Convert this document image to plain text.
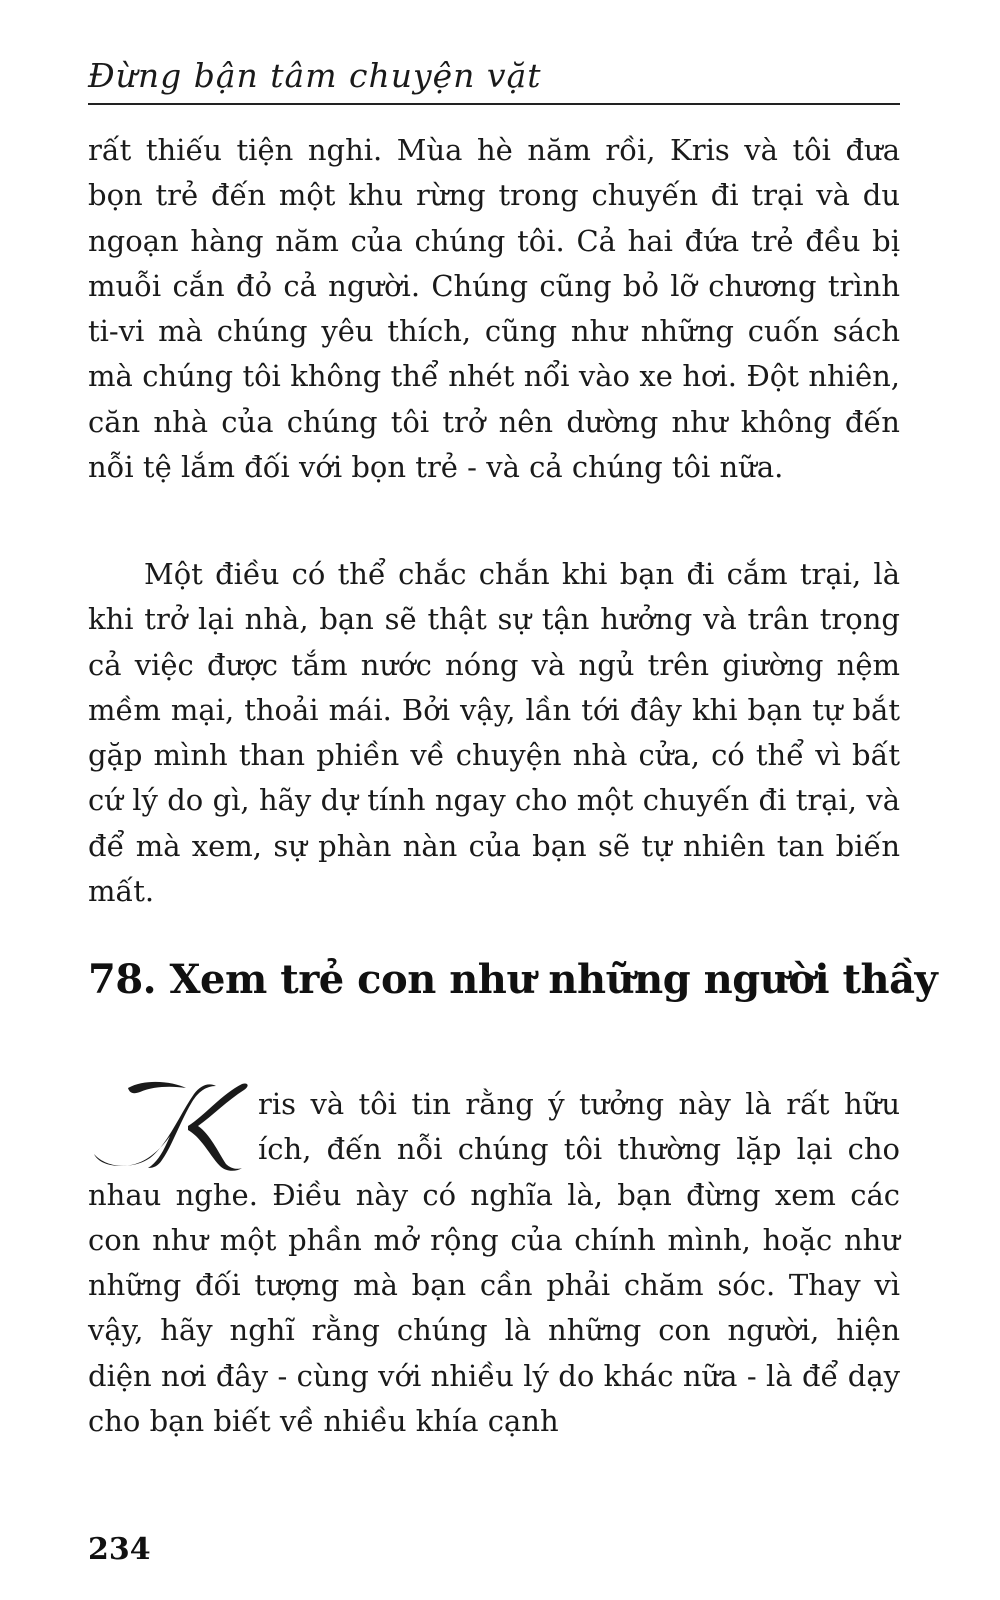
Đừng bận tâm chuyện vặt

rất thiếu tiện nghi. Mùa hè năm rồi, Kris và tôi đưa bọn trẻ đến một khu rừng trong chuyến đi trại và du ngoạn hàng năm của chúng tôi. Cả hai đứa trẻ đều bị muỗi cắn đỏ cả người. Chúng cũng bỏ lỡ chương trình ti-vi mà chúng yêu thích, cũng như những cuốn sách mà chúng tôi không thể nhét nổi vào xe hơi. Đột nhiên, căn nhà của chúng tôi trở nên dường như không đến nỗi tệ lắm đối với bọn trẻ - và cả chúng tôi nữa.

Một điều có thể chắc chắn khi bạn đi cắm trại, là khi trở lại nhà, bạn sẽ thật sự tận hưởng và trân trọng cả việc được tắm nước nóng và ngủ trên giường nệm mềm mại, thoải mái. Bởi vậy, lần tới đây khi bạn tự bắt gặp mình than phiền về chuyện nhà cửa, có thể vì bất cứ lý do gì, hãy dự tính ngay cho một chuyến đi trại, và để mà xem, sự phàn nàn của bạn sẽ tự nhiên tan biến mất.

78. Xem trẻ con như những người thầy

ris và tôi tin rằng ý tưởng này là rất hữu ích, đến nỗi chúng tôi thường lặp lại cho nhau nghe. Điều này có nghĩa là, bạn đừng xem các con như một phần mở rộng của chính mình, hoặc như những đối tượng mà bạn cần phải chăm sóc. Thay vì vậy, hãy nghĩ rằng chúng là những con người, hiện diện nơi đây - cùng với nhiều lý do khác nữa - là để dạy cho bạn biết về nhiều khía cạnh

234
